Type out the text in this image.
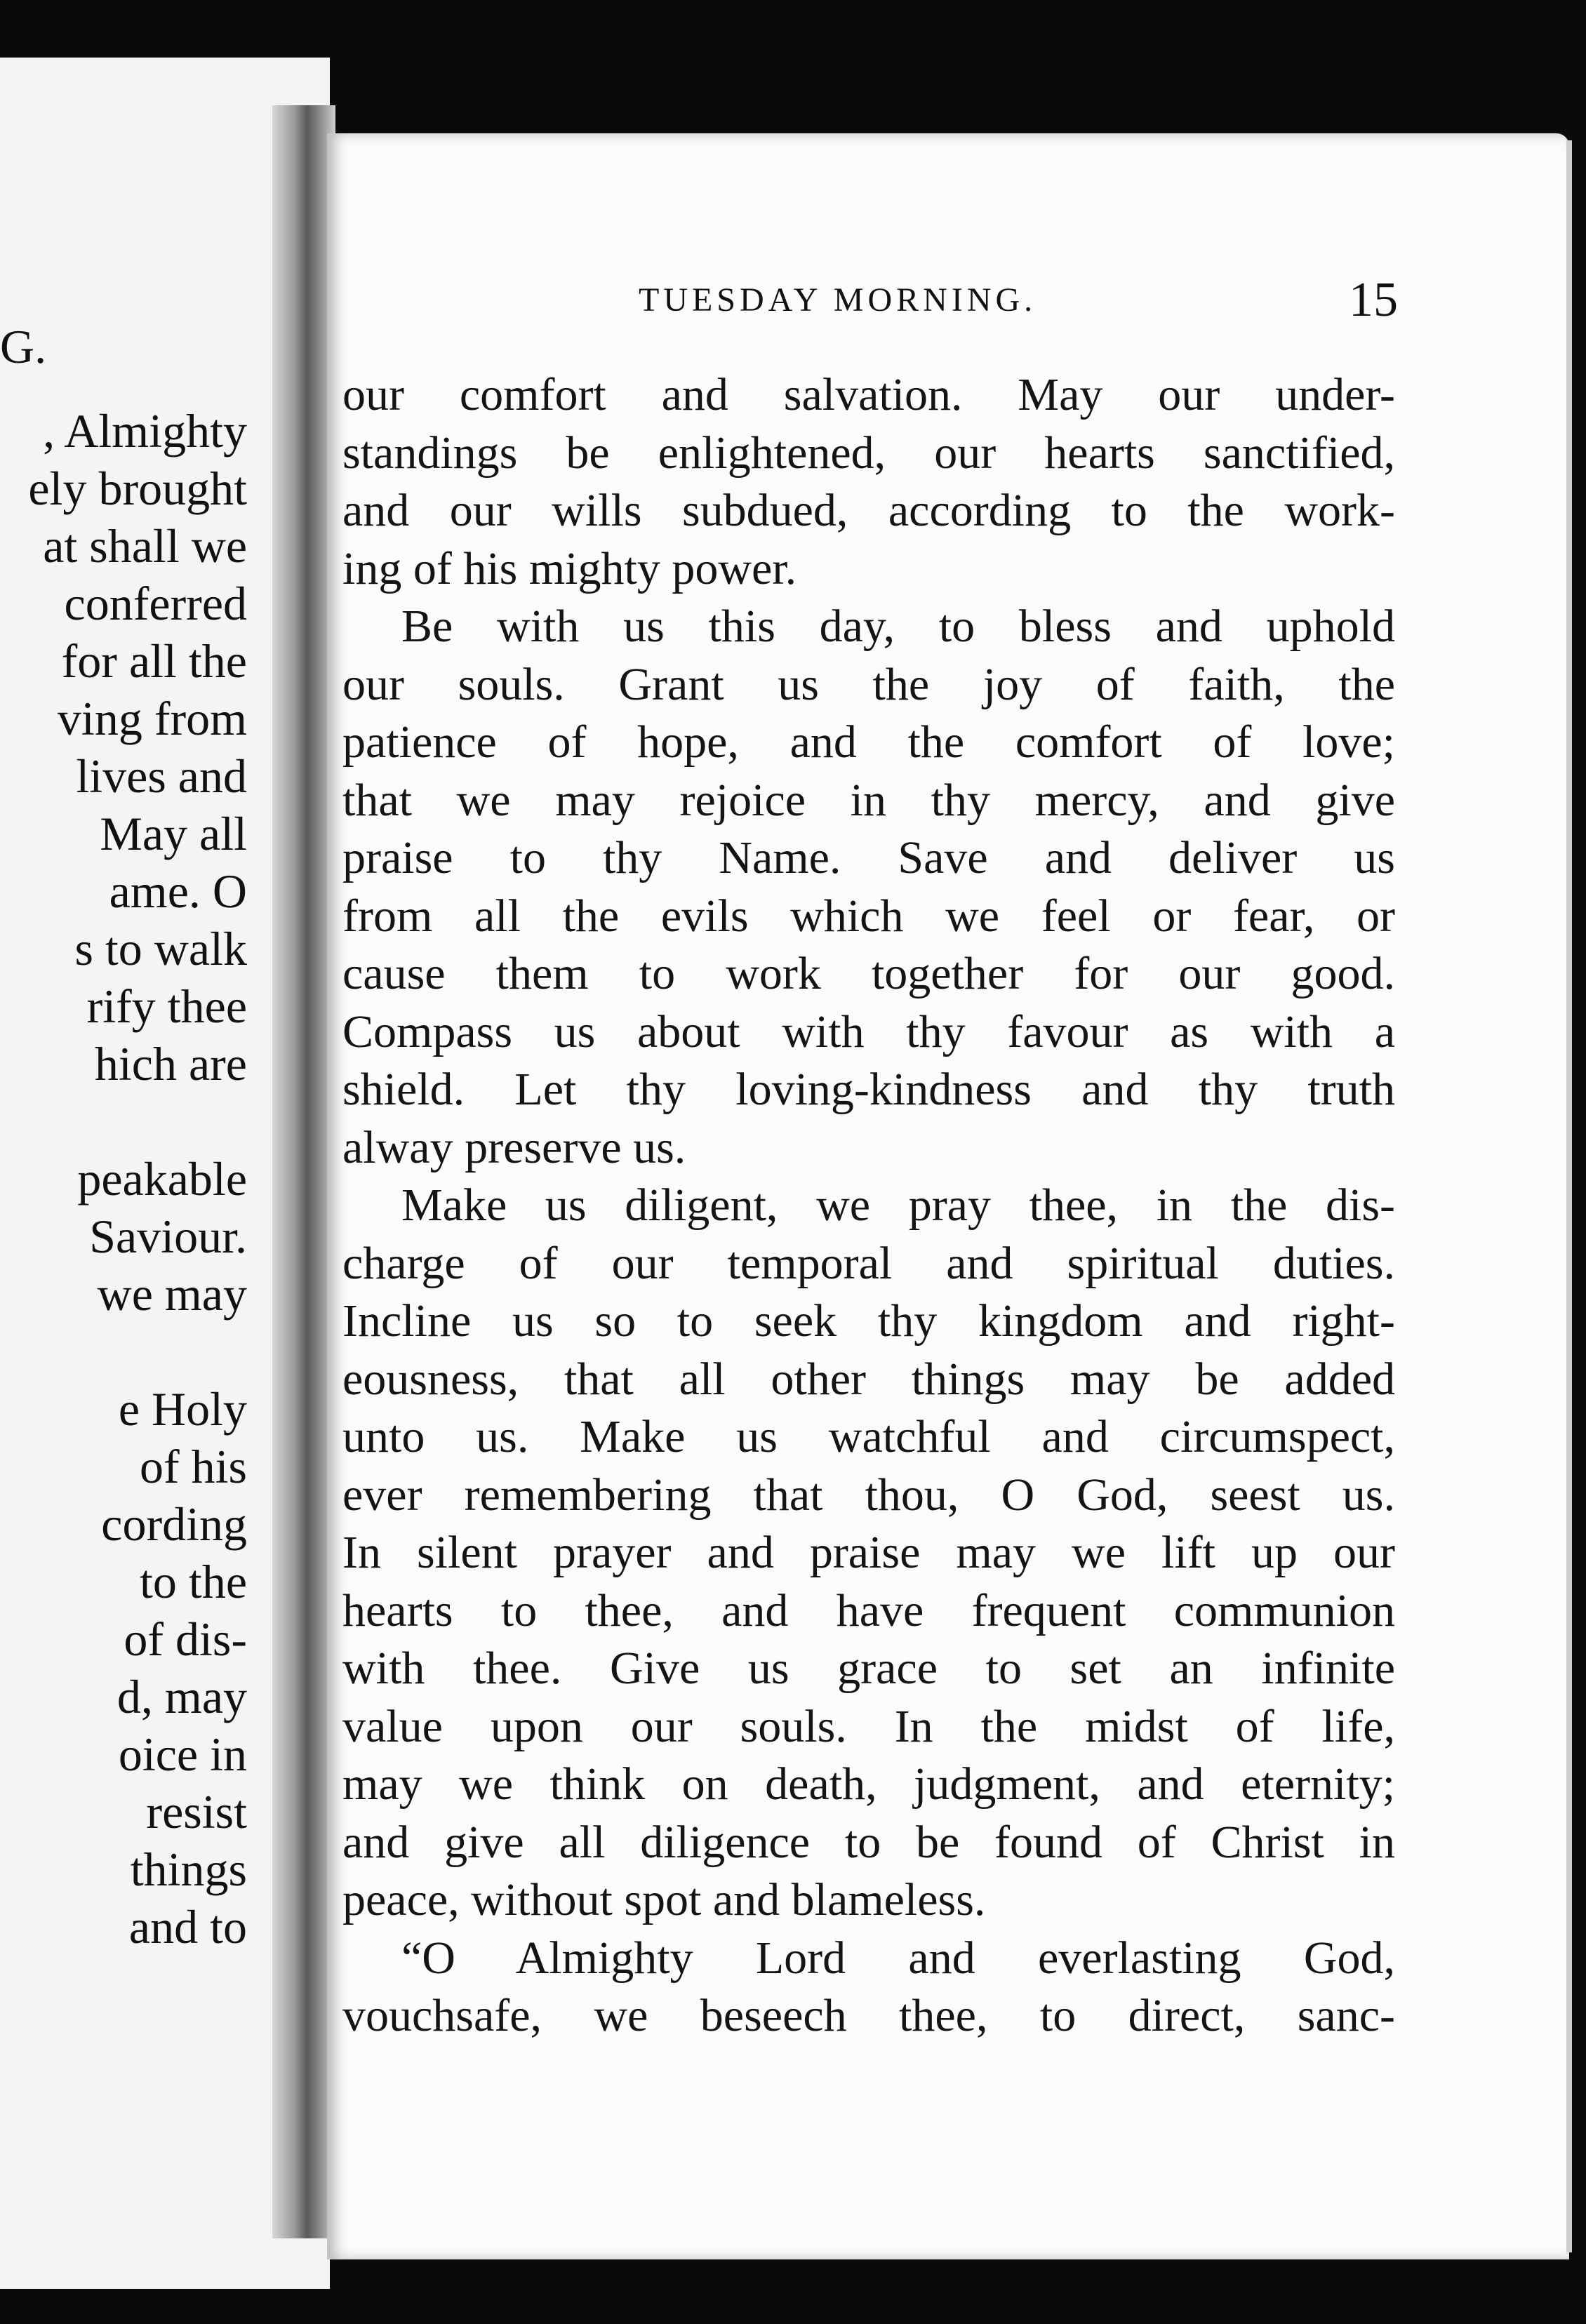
G.
, Almighty
ely brought
at shall we
conferred
for all the
ving from
lives and
May all
ame. O
s to walk
rify thee
hich are
peakable
Saviour.
we may
e Holy
of his
cording
to the
of dis-
d, may
oice in
resist
things
and to
TUESDAY MORNING.	15
our comfort and salvation. May our under-
standings be enlightened, our hearts sanctified,
and our wills subdued, according to the work-
ing of his mighty power.
Be with us this day, to bless and uphold
our souls. Grant us the joy of faith, the
patience of hope, and the comfort of love;
that we may rejoice in thy mercy, and give
praise to thy Name. Save and deliver us
from all the evils which we feel or fear, or
cause them to work together for our good.
Compass us about with thy favour as with a
shield. Let thy loving-kindness and thy truth
alway preserve us.
Make us diligent, we pray thee, in the dis-
charge of our temporal and spiritual duties.
Incline us so to seek thy kingdom and right-
eousness, that all other things may be added
unto us. Make us watchful and circumspect,
ever remembering that thou, O God, seest us.
In silent prayer and praise may we lift up our
hearts to thee, and have frequent communion
with thee. Give us grace to set an infinite
value upon our souls. In the midst of life,
may we think on death, judgment, and eternity;
and give all diligence to be found of Christ in
peace, without spot and blameless.
“O Almighty Lord and everlasting God,
vouchsafe, we beseech thee, to direct, sanc-
